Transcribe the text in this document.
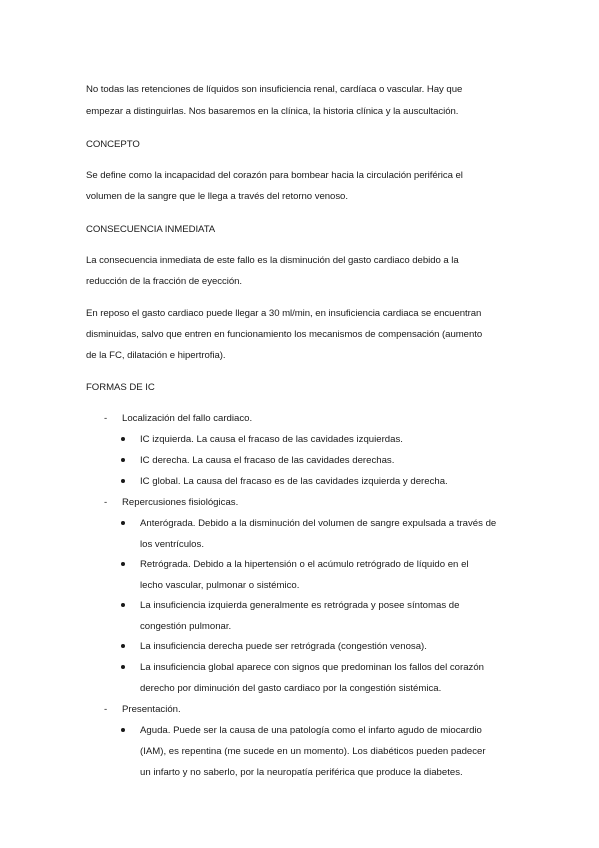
No todas las retenciones de líquidos son insuficiencia renal, cardíaca o vascular. Hay que
empezar a distinguirlas. Nos basaremos en la clínica, la historia clínica y la auscultación.
CONCEPTO
Se define como la incapacidad del corazón para bombear hacia la circulación periférica el
volumen de la sangre que le llega a través del retorno venoso.
CONSECUENCIA INMEDIATA
La consecuencia inmediata de este fallo es la disminución del gasto cardiaco debido a la
reducción de la fracción de eyección.
En reposo el gasto cardiaco puede llegar a 30 ml/min, en insuficiencia cardiaca se encuentran
disminuidas, salvo que entren en funcionamiento los mecanismos de compensación (aumento
de la FC, dilatación e hipertrofia).
FORMAS DE IC
- Localización del fallo cardiaco.
IC izquierda. La causa el fracaso de las cavidades izquierdas.
IC derecha. La causa el fracaso de las cavidades derechas.
IC global. La causa del fracaso es de las cavidades izquierda y derecha.
- Repercusiones fisiológicas.
Anterógrada. Debido a la disminución del volumen de sangre expulsada a través de
los ventrículos.
Retrógrada. Debido a la hipertensión o el acúmulo retrógrado de líquido en el
lecho vascular, pulmonar o sistémico.
La insuficiencia izquierda generalmente es retrógrada y posee síntomas de
congestión pulmonar.
La insuficiencia derecha puede ser retrógrada (congestión venosa).
La insuficiencia global aparece con signos que predominan los fallos del corazón
derecho por diminución del gasto cardiaco por la congestión sistémica.
- Presentación.
Aguda. Puede ser la causa de una patología como el infarto agudo de miocardio
(IAM), es repentina (me sucede en un momento). Los diabéticos pueden padecer
un infarto y no saberlo, por la neuropatía periférica que produce la diabetes.
